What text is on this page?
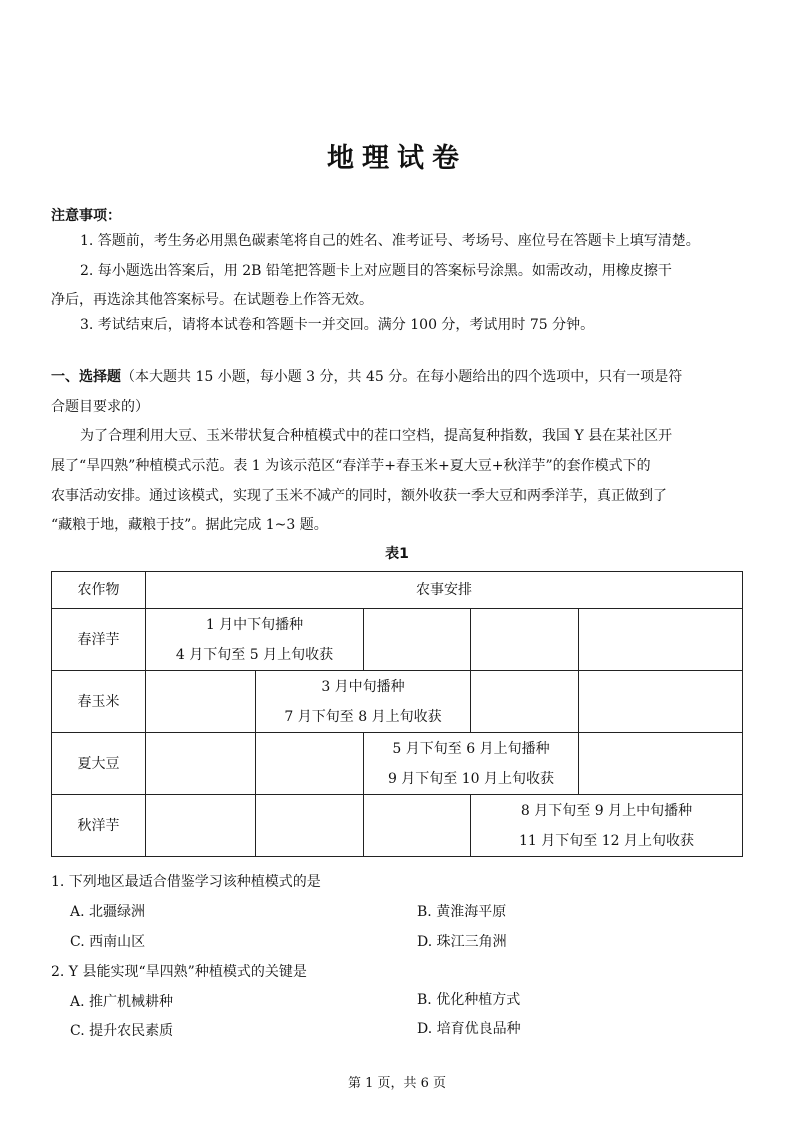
地理试卷
注意事项：
1. 答题前，考生务必用黑色碳素笔将自己的姓名、准考证号、考场号、座位号在答题卡上填写清楚。
2. 每小题选出答案后，用 2B 铅笔把答题卡上对应题目的答案标号涂黑。如需改动，用橡皮擦干
净后，再选涂其他答案标号。在试题卷上作答无效。
3. 考试结束后，请将本试卷和答题卡一并交回。满分 100 分，考试用时 75 分钟。
一、选择题（本大题共 15 小题，每小题 3 分，共 45 分。在每小题给出的四个选项中，只有一项是符
合题目要求的）
为了合理利用大豆、玉米带状复合种植模式中的茬口空档，提高复种指数，我国 Y 县在某社区开
展了“旱四熟”种植模式示范。表 1 为该示范区“春洋芋+春玉米+夏大豆+秋洋芋”的套作模式下的
农事活动安排。通过该模式，实现了玉米不减产的同时，额外收获一季大豆和两季洋芋，真正做到了
“藏粮于地，藏粮于技”。据此完成 1~3 题。
表1
农作物	农事安排				
春洋芋	1 月中下旬播种
4 月下旬至 5 月上旬收获				

春玉米		3 月中旬播种
7 月下旬至 8 月上旬收获			

夏大豆			5 月下旬至 6 月上旬播种
9 月下旬至 10 月上旬收获		

秋洋芋				8 月下旬至 9 月上中旬播种
11 月下旬至 12 月上旬收获	
1. 下列地区最适合借鉴学习该种植模式的是
A. 北疆绿洲	B. 黄淮海平原
C. 西南山区	D. 珠江三角洲
2. Y 县能实现“旱四熟”种植模式的关键是
A. 推广机械耕种	B. 优化种植方式
C. 提升农民素质	D. 培育优良品种
第 1 页，共 6 页
